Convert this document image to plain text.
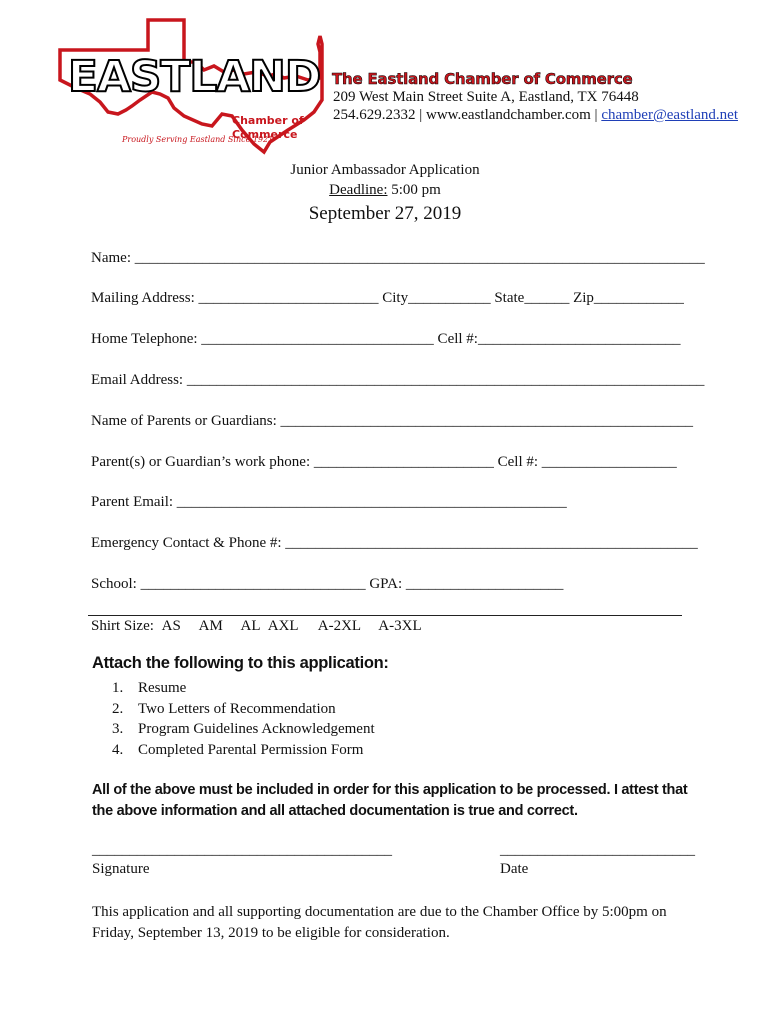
Proudly Serving Eastland Since 1921
EASTLAND
Chamber of
Commerce
The Eastland Chamber of Commerce
209 West Main Street Suite A, Eastland, TX 76448
254.629.2332 | www.eastlandchamber.com | chamber@eastland.net
Junior Ambassador Application
Deadline: 5:00 pm
September 27, 2019
Name: ____________________________________________________________________________
Mailing Address: ________________________ City___________ State______ Zip____________
Home Telephone: _______________________________ Cell #:___________________________
Email Address: _____________________________________________________________________
Name of Parents or Guardians: _______________________________________________________
Parent(s) or Guardian’s work phone: ________________________ Cell #: __________________
Parent Email: ____________________________________________________
Emergency Contact & Phone #: _______________________________________________________
School: ______________________________ GPA: _____________________
Shirt Size: AS AM AL AXL A-2XL A-3XL
Attach the following to this application:
1. Resume
2. Two Letters of Recommendation
3. Program Guidelines Acknowledgement
4. Completed Parental Permission Form
All of the above must be included in order for this application to be processed. I attest that the above information and all attached documentation is true and correct.
________________________________________	__________________________
Signature	Date
This application and all supporting documentation are due to the Chamber Office by 5:00pm on Friday, September 13, 2019 to be eligible for consideration.
